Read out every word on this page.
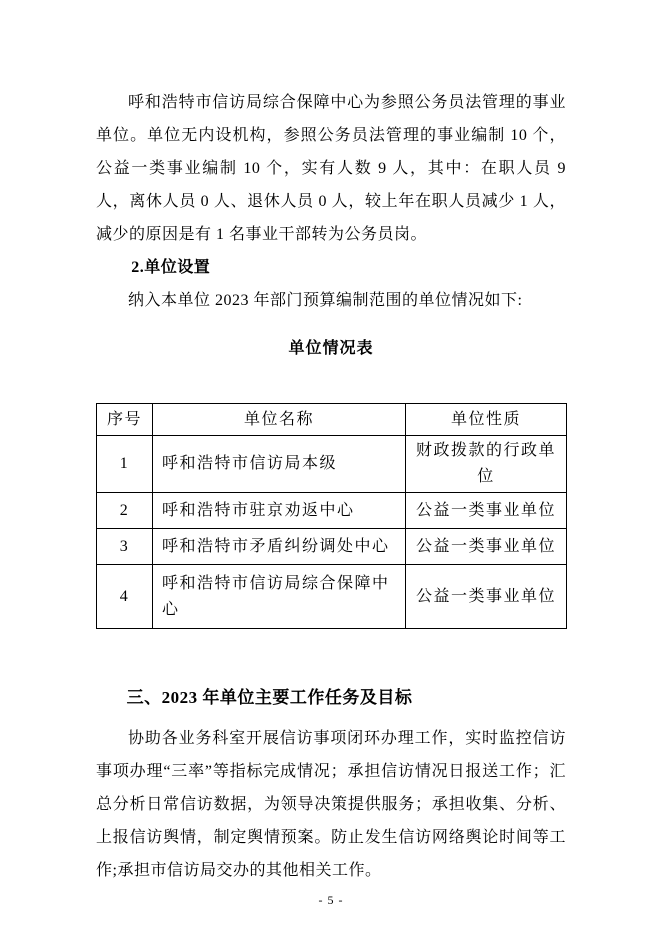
呼和浩特市信访局综合保障中心为参照公务员法管理的事业单位。单位无内设机构，参照公务员法管理的事业编制 10 个，公益一类事业编制 10 个，实有人数 9 人，其中：在职人员 9 人，离休人员 0 人、退休人员 0 人，较上年在职人员减少 1 人，减少的原因是有 1 名事业干部转为公务员岗。

2.单位设置

纳入本单位 2023 年部门预算编制范围的单位情况如下:

单位情况表
序号	单位名称	单位性质
1	呼和浩特市信访局本级	财政拨款的行政单位
2	呼和浩特市驻京劝返中心	公益一类事业单位
3	呼和浩特市矛盾纠纷调处中心	公益一类事业单位
4	呼和浩特市信访局综合保障中心	公益一类事业单位
三、2023 年单位主要工作任务及目标

协助各业务科室开展信访事项闭环办理工作，实时监控信访事项办理“三率”等指标完成情况；承担信访情况日报送工作；汇总分析日常信访数据，为领导决策提供服务；承担收集、分析、上报信访舆情，制定舆情预案。防止发生信访网络舆论时间等工作;承担市信访局交办的其他相关工作。

- 5 -
